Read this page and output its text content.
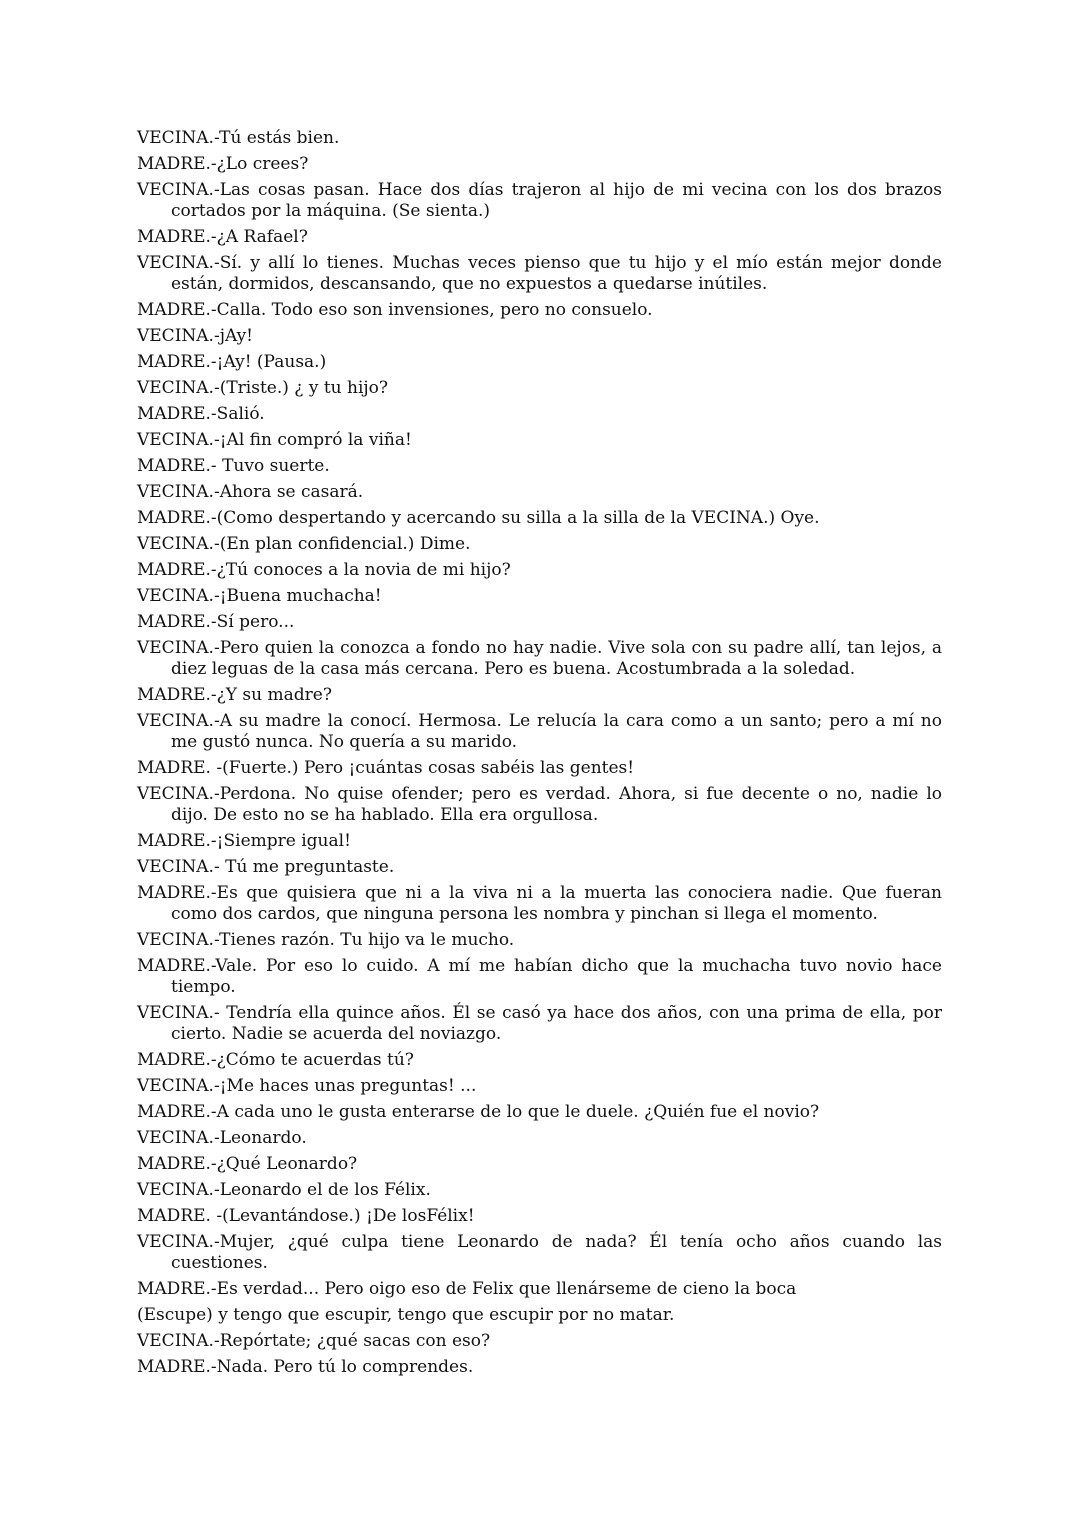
VECINA.-Tú estás bien.

MADRE.-¿Lo crees?

VECINA.-Las cosas pasan. Hace dos días trajeron al hijo de mi vecina con los dos brazos cortados por la máquina. (Se sienta.)

MADRE.-¿A Rafael?

VECINA.-Sí. y allí lo tienes. Muchas veces pienso que tu hijo y el mío están mejor donde están, dormidos, descansando, que no expuestos a quedarse inútiles.

MADRE.-Calla. Todo eso son invensiones, pero no consuelo.

VECINA.-jAy!

MADRE.-¡Ay! (Pausa.)

VECINA.-(Triste.) ¿ y tu hijo?

MADRE.-Salió.

VECINA.-¡Al fin compró la viña!

MADRE.- Tuvo suerte.

VECINA.-Ahora se casará.

MADRE.-(Como despertando y acercando su silla a la silla de la VECINA.) Oye.

VECINA.-(En plan confidencial.) Dime.

MADRE.-¿Tú conoces a la novia de mi hijo?

VECINA.-¡Buena muchacha!

MADRE.-Sí pero...

VECINA.-Pero quien la conozca a fondo no hay nadie. Vive sola con su padre allí, tan lejos, a diez leguas de la casa más cercana. Pero es buena. Acostumbrada a la soledad.

MADRE.-¿Y su madre?

VECINA.-A su madre la conocí. Hermosa. Le relucía la cara como a un santo; pero a mí no me gustó nunca. No quería a su marido.

MADRE. -(Fuerte.) Pero ¡cuántas cosas sabéis las gentes!

VECINA.-Perdona. No quise ofender; pero es verdad. Ahora, si fue decente o no, nadie lo dijo. De esto no se ha hablado. Ella era orgullosa.

MADRE.-¡Siempre igual!

VECINA.- Tú me preguntaste.

MADRE.-Es que quisiera que ni a la viva ni a la muerta las conociera nadie. Que fueran como dos cardos, que ninguna persona les nombra y pinchan si llega el momento.

VECINA.-Tienes razón. Tu hijo va le mucho.

MADRE.-Vale. Por eso lo cuido. A mí me habían dicho que la muchacha tuvo novio hace tiempo.

VECINA.- Tendría ella quince años. Él se casó ya hace dos años, con una prima de ella, por cierto. Nadie se acuerda del noviazgo.

MADRE.-¿Cómo te acuerdas tú?

VECINA.-¡Me haces unas preguntas! ...

MADRE.-A cada uno le gusta enterarse de lo que le duele. ¿Quién fue el novio?

VECINA.-Leonardo.

MADRE.-¿Qué Leonardo?

VECINA.-Leonardo el de los Félix.

MADRE. -(Levantándose.) ¡De losFélix!

VECINA.-Mujer, ¿qué culpa tiene Leonardo de nada? Él tenía ocho años cuando las cuestiones.

MADRE.-Es verdad... Pero oigo eso de Felix que llenárseme de cieno la boca

(Escupe) y tengo que escupir, tengo que escupir por no matar.

VECINA.-Repórtate; ¿qué sacas con eso?

MADRE.-Nada. Pero tú lo comprendes.
